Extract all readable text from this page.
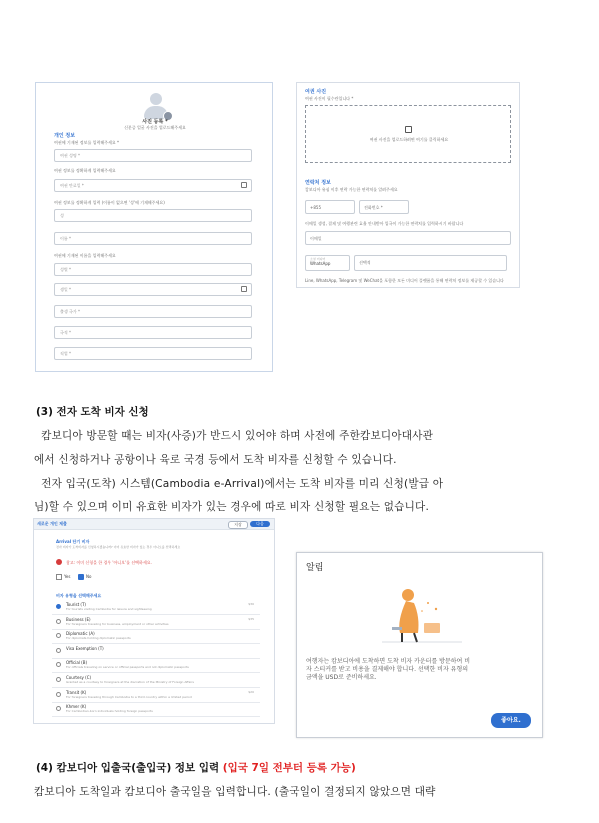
사진 등록 *
신분증 얼굴 사진을 업로드해주세요
개인 정보
여권에 기재된 정보를 입력해주세요 *
여권 성명 *
여권 정보를 정확하게 입력해주세요
여권 만료일 *
여권 정보를 정확하게 입력 (이름이 없으면 '성'에 기재해주세요)
성
이름 *
여권에 기재된 이름을 입력해주세요
성별 *
생일 *
출생 국가 *
국적 *
직업 *
여권 사진
여권 사진이 필수란입니다 *
여권 사진을 업로드하려면 여기를 클릭하세요
연락처 정보
캄보디아 유심 이후 연락 가능한 연락처를 알려주세요
+855	전화번호 *
이메일 생성, 결제 및 여행관련 효율 안내받아 입국이 가능한 연락처를 입력하시기 바랍니다
이메일
소셜 미디어
WhatsApp	선택적
Line, WhatsApp, Telegram 및 WeChat을 포함한 모든 미디어 플랫폼을 통해 연락처 정보를 제공할 수 있습니다
(3) 전자 도착 비자 신청
캄보디아 방문할 때는 비자(사증)가 반드시 있어야 하며 사전에 주한캄보디아대사관
에서 신청하거나 공항이나 육로 국경 등에서 도착 비자를 신청할 수 있습니다.
전자 입국(도착) 시스템(Cambodia e-Arrival)에서는 도착 비자를 미리 신청(발급 아
님)할 수 있으며 이미 유효한 비자가 있는 경우에 따로 비자 신청할 필요는 없습니다.
새로운 개인 제출	저장	다음
Arrival 단기 비자
전자 비자가 도착비자를 신청하시겠습니까? 이미 유효한 비자가 있는 경우 아니오를 선택하세요
참고: 이미 신청을 한 경우 '아니오'를 선택하세요.
Yes	No
비자 유형을 선택해주세요
Tourist (T)
For tourists visiting Cambodia for leisure and sightseeing
$30
Business (E)
For foreigners traveling for business, employment or other activities
$35
Diplomatic (A)
For diplomats holding diplomatic passports
Visa Exemption (T)
Official (B)
For officials traveling on service or official passports and not diplomatic passports
Courtesy (C)
Granted as a courtesy to foreigners at the discretion of the Ministry of Foreign Affairs
Transit (K)
For foreigners traveling through Cambodia to a third country within a limited period
$20
Khmer (K)
For Cambodian-born individuals holding foreign passports
알림
여행자는 캄보디아에 도착하면 도착 비자 카운터를 방문하여 비
자 스티커를 받고 비용을 결제해야 합니다. 선택한 비자 유형의
금액을 USD로 준비하세요.
좋아요.
(4) 캄보디아 입출국(출입국) 정보 입력 (입국 7일 전부터 등록 가능)
캄보디아 도착일과 캄보디아 출국일을 입력합니다. (출국일이 결정되지 않았으면 대략
